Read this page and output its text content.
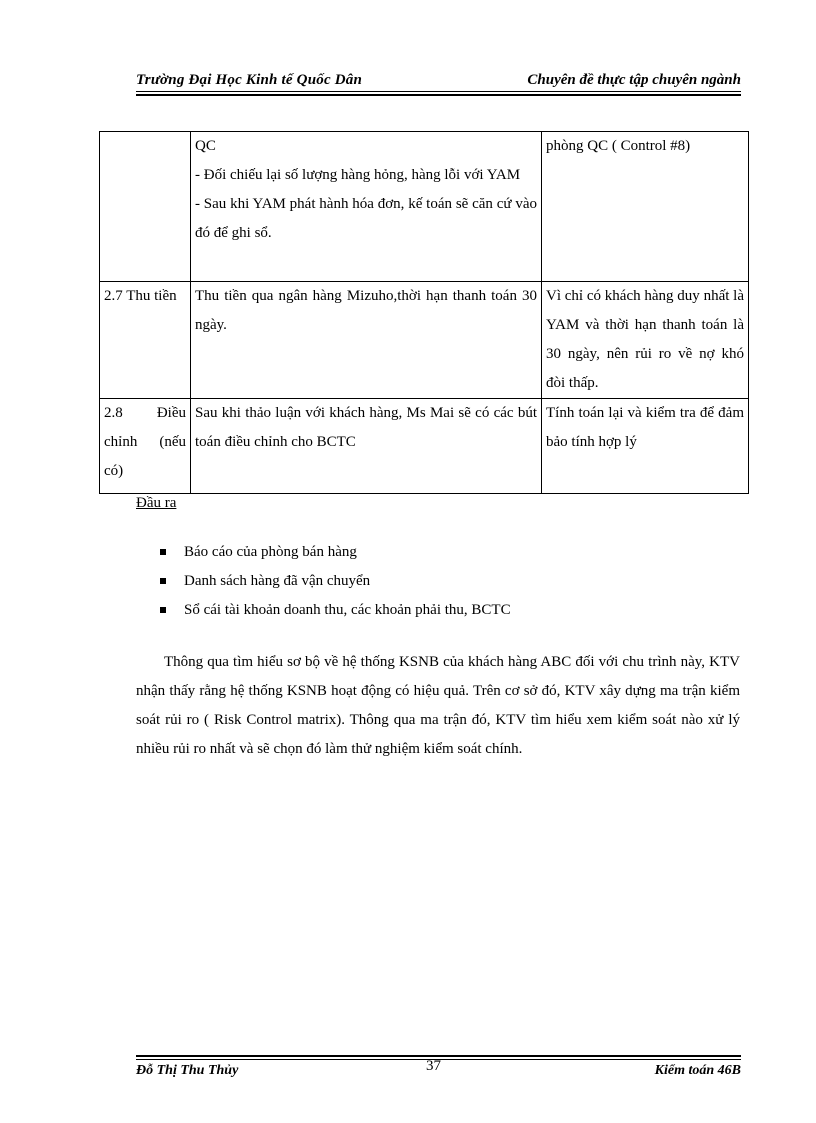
Trường Đại Học Kinh tế Quốc Dân	Chuyên đề thực tập chuyên ngành

	QC
- Đối chiếu lại số lượng hàng hỏng, hàng lỗi với YAM
- Sau khi YAM phát hành hóa đơn, kế toán sẽ căn cứ vào đó để ghi sổ.	phòng QC ( Control #8)
2.7 Thu tiền	Thu tiền qua ngân hàng Mizuho,thời hạn thanh toán 30 ngày.	Vì chỉ có khách hàng duy nhất là YAM và thời hạn thanh toán là 30 ngày, nên rủi ro về nợ khó đòi thấp.
2.8 Điều chỉnh (nếu có)	Sau khi thảo luận với khách hàng, Ms Mai sẽ có các bút toán điều chỉnh cho BCTC	Tính toán lại và kiểm tra để đảm bảo tính hợp lý
Đầu ra
Báo cáo của phòng bán hàng
Danh sách hàng đã vận chuyển
Sổ cái tài khoản doanh thu, các khoản phải thu, BCTC
Thông qua tìm hiểu sơ bộ về hệ thống KSNB của khách hàng ABC đối với chu trình này, KTV nhận thấy rằng hệ thống KSNB hoạt động có hiệu quả. Trên cơ sở đó, KTV xây dựng ma trận kiểm soát rủi ro ( Risk Control matrix). Thông qua ma trận đó, KTV tìm hiểu xem kiểm soát nào xử lý nhiều rủi ro nhất và sẽ chọn đó làm thử nghiệm kiểm soát chính.
Đỗ Thị Thu Thủy	37	Kiểm toán 46B
